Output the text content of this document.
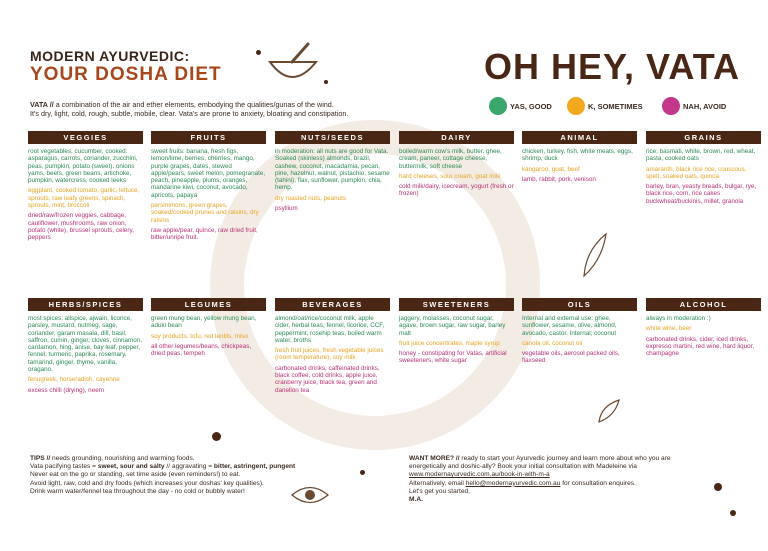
MODERN AYURVEDIC:
YOUR DOSHA DIET	OH HEY, VATA
VATA // a combination of the air and ether elements, embodying the qualities/gunas of the wind.
It's dry, light, cold, rough, subtle, mobile, clear. Vata's are prone to anxiety, bloating and constipation.
YAS, GOOD	K, SOMETIMES	NAH, AVOID
VEGGIES
root vegetables, cucumber, cooked: asparagus, carrots, coriander, zucchini, peas, pumpkin, potato (sweet), onions yams, beets, green beans, artichoke, pumpkin, watercress, cooked leeks
eggplant, cooked tomato, garlic, lettuce, sprouts, raw leafy greens, spinach, sprouts, mint, broccoli
dried/raw/frozen veggies, cabbage, cauliflower, mushrooms, raw onion, potato (white), brussel sprouts, celery, peppers
FRUITS
sweet fruits: banana, fresh figs, lemon/lime, berries, cherries, mango, purple grapes, dates, stewed apple/pears, sweet melon, pomegranate, peach, pineapple, plums, oranges, mandarine kiwi, coconut, avocado, apricots, papaya
persimmons, green grapes, soaked/cooked prunes and raisins, dry raisins
raw apple/pear, quince, raw dried fruit, bitter/unripe fruit.
NUTS/SEEDS
in moderation: all nuts are good for Vata. Soaked (skinless) almonds, brazil, cashew, coconut, macadamia, pecan, pine, hazelnut, walnut, pistachio, sesame (tahini), flax, sunflower, pumpkin, chia, hemp.
dry roasted nuts, peanuts
psyllium
DAIRY
boiled/warm cow's milk, butter, ghee, cream, paneer, cottage cheese, buttermilk, soft cheese
hard cheeses, sour cream, goat milk
cold milk/dairy, icecream, yogurt (fresh or frozen)
ANIMAL
chicken, turkey, fish, white meats, eggs, shrimp, duck
kangaroo, goat, beef
lamb, rabbit, pork, venison
GRAINS
rice; basmati, white, brown, red, wheat, pasta, cooked oats
amaranth, black rice rice, couscous, spelt, soaked oats, quinoa
barley, bran, yeasty breads, bulgar, rye, black rice, corn, rice cakes buckwheat/buckinis, millet, granola
HERBS/SPICES
most spices: allspice, ajwain, licorice, parsley, mustard, nutmeg, sage, coriander, garam masala, dill, basil, saffron, cumin, ginger, cloves, cinnamon, cardamon, hing, anise, bay leaf, pepper, fennel, turmeric, paprika, rosemary, tamarind, ginger, thyme, vanilla, oragano,
fenugreek, horseradish, cayenne
excess chilli (drying), neem
LEGUMES
green mung bean, yellow mung bean, aduki bean
soy products, tofu, red lentils, miso
all other legumes/beans, chickpeas, dried peas, tempeh
BEVERAGES
almond/oat/rice/coconut milk, apple cider, herbal teas; fennel, licorice, CCF, peppermint, rosehip teas, boiled warm water, broths
fresh fruit juices, fresh vegetable juices (room temperature), soy milk
carbonated drinks, caffeinated drinks, black coffee, cold drinks, apple juice, cranberry juice, black tea, green and danelion tea
SWEETENERS
jaggery, molasses, coconut sugar, agave, brown sugar, raw sugar, barley malt
fruit juice concentrates, maple syrup
honey - constipating for Vatas, artificial sweeteners, white sugar
OILS
Internal and external use: ghee, sunflower, sesame, olive, almond, avocado, castor. Internal; coconut
canola oil, coconut oil
vegetable oils, aerosol packed oils, flaxseed
ALCOHOL
always in moderation :)
white wine, beer
carbonated drinks, cider, iced drinks, expresso martini, red wine, hard liquor, champagne
TIPS // needs grounding, nourishing and warming foods.
Vata pacifying tastes = sweet, sour and salty // aggravating = bitter, astringent, pungent
Never eat on the go or standing, set time aside (even reminders!) to eat.
Avoid light, raw, cold and dry foods (which increases your doshas' key qualities).
Drink warm water/fennel tea throughout the day - no cold or bubbly water!
WANT MORE? // ready to start your Ayurvedic journey and learn more about who you are
energetically and doshic-ally? Book your initial consultation with Madeleine via
www.modernayurvedic.com.au/book-in-with-m-a
Alternatively, email hello@modernayurvedic.com.au for consultation enquires.
Let's get you started,
M.A.
